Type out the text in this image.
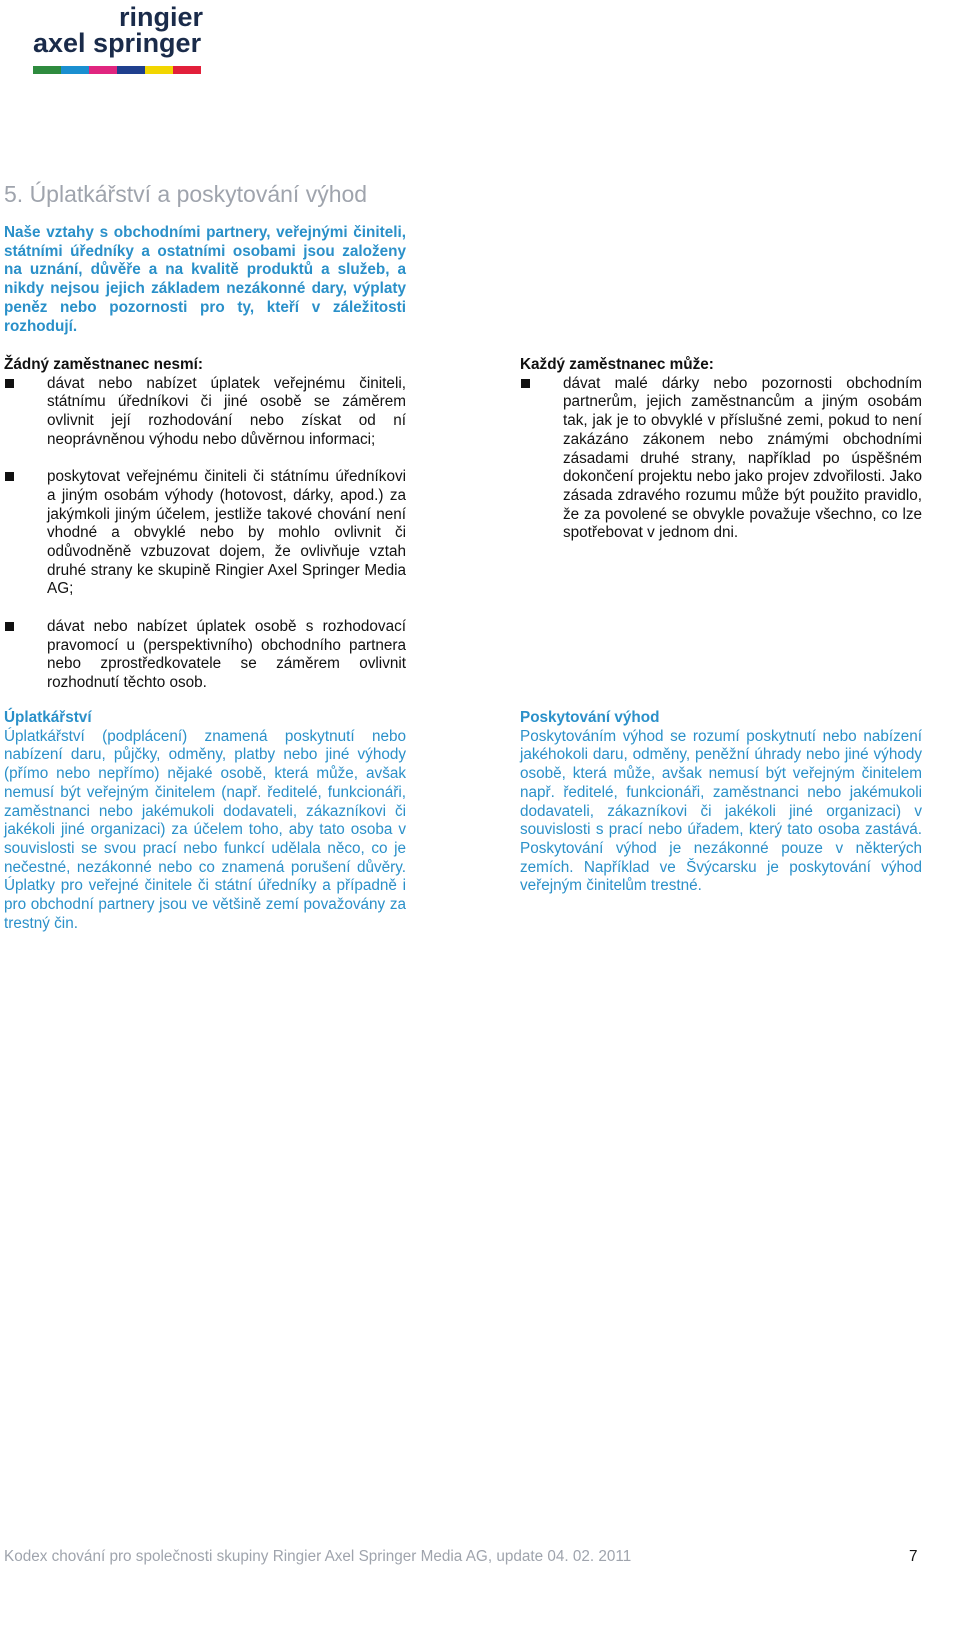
ringier
axel springer
5. Úplatkářství a poskytování výhod

Naše vztahy s obchodními partnery, veřejnými činiteli, státními úředníky a ostatními osobami jsou založeny na uznání, důvěře a na kvalitě produktů a služeb, a nikdy nejsou jejich základem nezákonné dary, výplaty peněz nebo pozornosti pro ty, kteří v záležitosti rozhodují.

Žádný zaměstnanec nesmí:
dávat nebo nabízet úplatek veřejnému činiteli, státnímu úředníkovi či jiné osobě se záměrem ovlivnit její rozhodování nebo získat od ní neoprávněnou výhodu nebo důvěrnou informaci;
poskytovat veřejnému činiteli či státnímu úředníkovi a jiným osobám výhody (hotovost, dárky, apod.) za jakýmkoli jiným účelem, jestliže takové chování není vhodné a obvyklé nebo by mohlo ovlivnit či odůvodněně vzbuzovat dojem, že ovlivňuje vztah druhé strany ke skupině Ringier Axel Springer Media AG;
dávat nebo nabízet úplatek osobě s rozhodovací pravomocí u (perspektivního) obchodního partnera nebo zprostředkovatele se záměrem ovlivnit rozhodnutí těchto osob.
Každý zaměstnanec může:
dávat malé dárky nebo pozornosti obchodním partnerům, jejich zaměstnancům a jiným osobám tak, jak je to obvyklé v příslušné zemi, pokud to není zakázáno zákonem nebo známými obchodními zásadami druhé strany, například po úspěšném dokončení projektu nebo jako projev zdvořilosti. Jako zásada zdravého rozumu může být použito pravidlo, že za povolené se obvykle považuje všechno, co lze spotřebovat v jednom dni.
Úplatkářství
Úplatkářství (podplácení) znamená poskytnutí nebo nabízení daru, půjčky, odměny, platby nebo jiné výhody (přímo nebo nepřímo) nějaké osobě, která může, avšak nemusí být veřejným činitelem (např. ředitelé, funkcionáři, zaměstnanci nebo jakémukoli dodavateli, zákazníkovi či jakékoli jiné organizaci) za účelem toho, aby tato osoba v souvislosti se svou prací nebo funkcí udělala něco, co je nečestné, nezákonné nebo co znamená porušení důvěry. Úplatky pro veřejné činitele či státní úředníky a případně i pro obchodní partnery jsou ve většině zemí považovány za trestný čin.
Poskytování výhod
Poskytováním výhod se rozumí poskytnutí nebo nabízení jakéhokoli daru, odměny, peněžní úhrady nebo jiné výhody osobě, která může, avšak nemusí být veřejným činitelem např. ředitelé, funkcionáři, zaměstnanci nebo jakémukoli dodavateli, zákazníkovi či jakékoli jiné organizaci) v souvislosti s prací nebo úřadem, který tato osoba zastává. Poskytování výhod je nezákonné pouze v některých zemích. Například ve Švýcarsku je poskytování výhod veřejným činitelům trestné.
Kodex chování pro společnosti skupiny Ringier Axel Springer Media AG, update 04. 02. 2011	7
